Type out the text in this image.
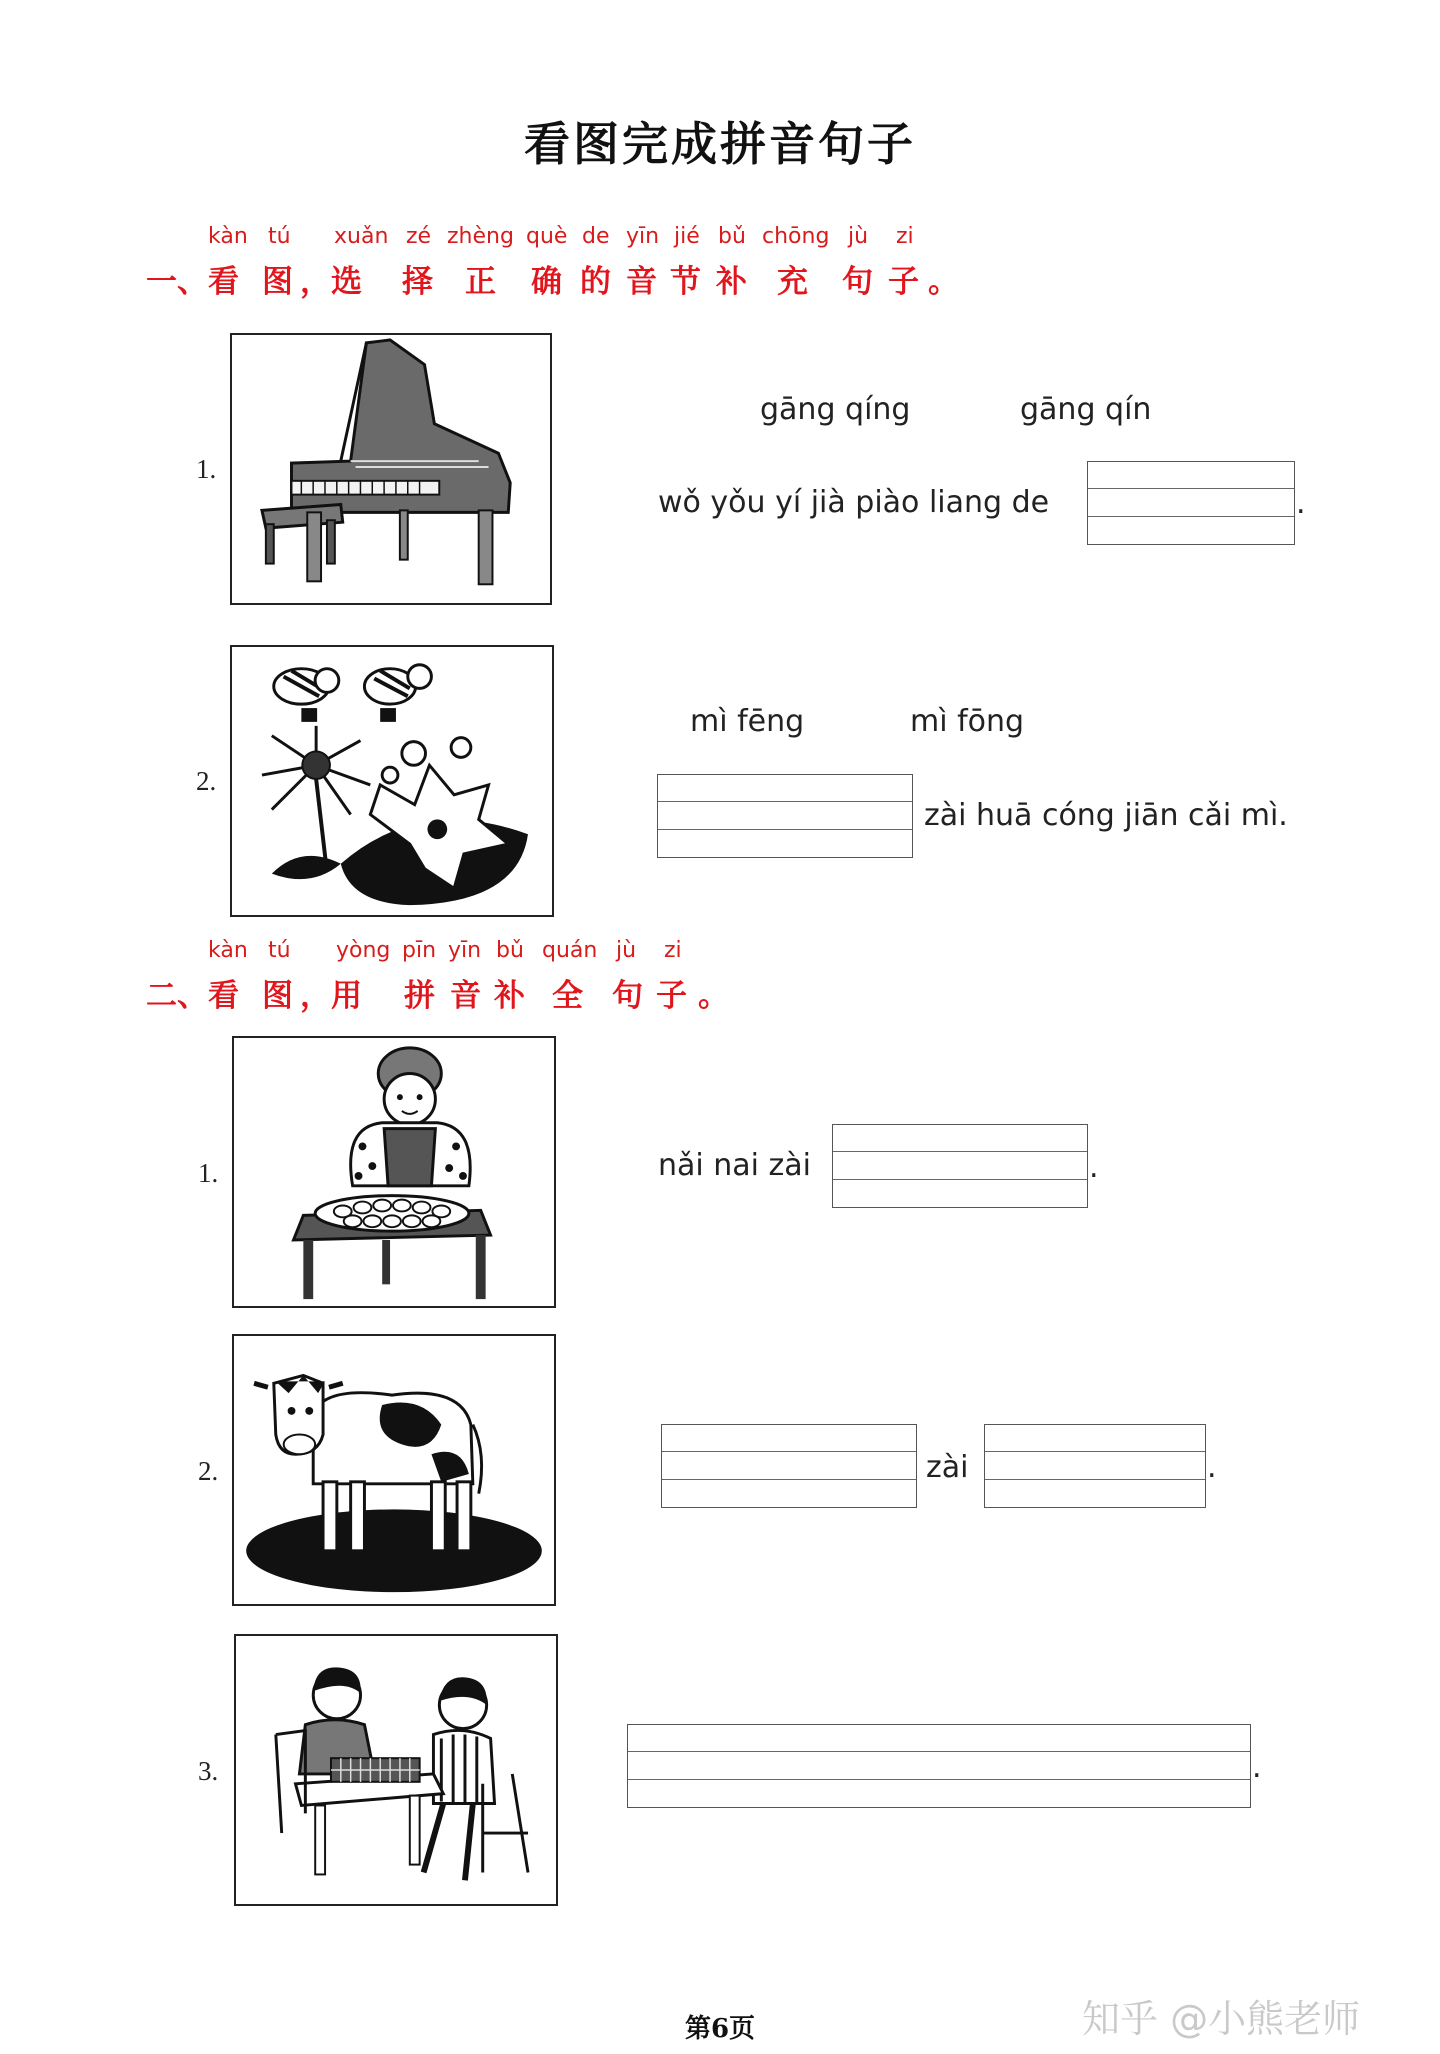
看图完成拼音句子
kàn tú xuǎn zé zhèng què de yīn jié bǔ chōng jù zi
一、看 图 ，选 择 正 确 的 音 节 补 充 句 子 。
1.
gāng qíng	gāng qín
wǒ yǒu yí jià piào liang de	.
2.
mì fēng	mì fōng
zài huā cóng jiān cǎi mì.
kàn tú yòng pīn yīn bǔ quán jù zi
二、看 图 ，用 拼 音 补 全 句 子 。
1.	nǎi nai zài	.
2.	zài	.
3.	.
第6页	知乎 @小熊老师
